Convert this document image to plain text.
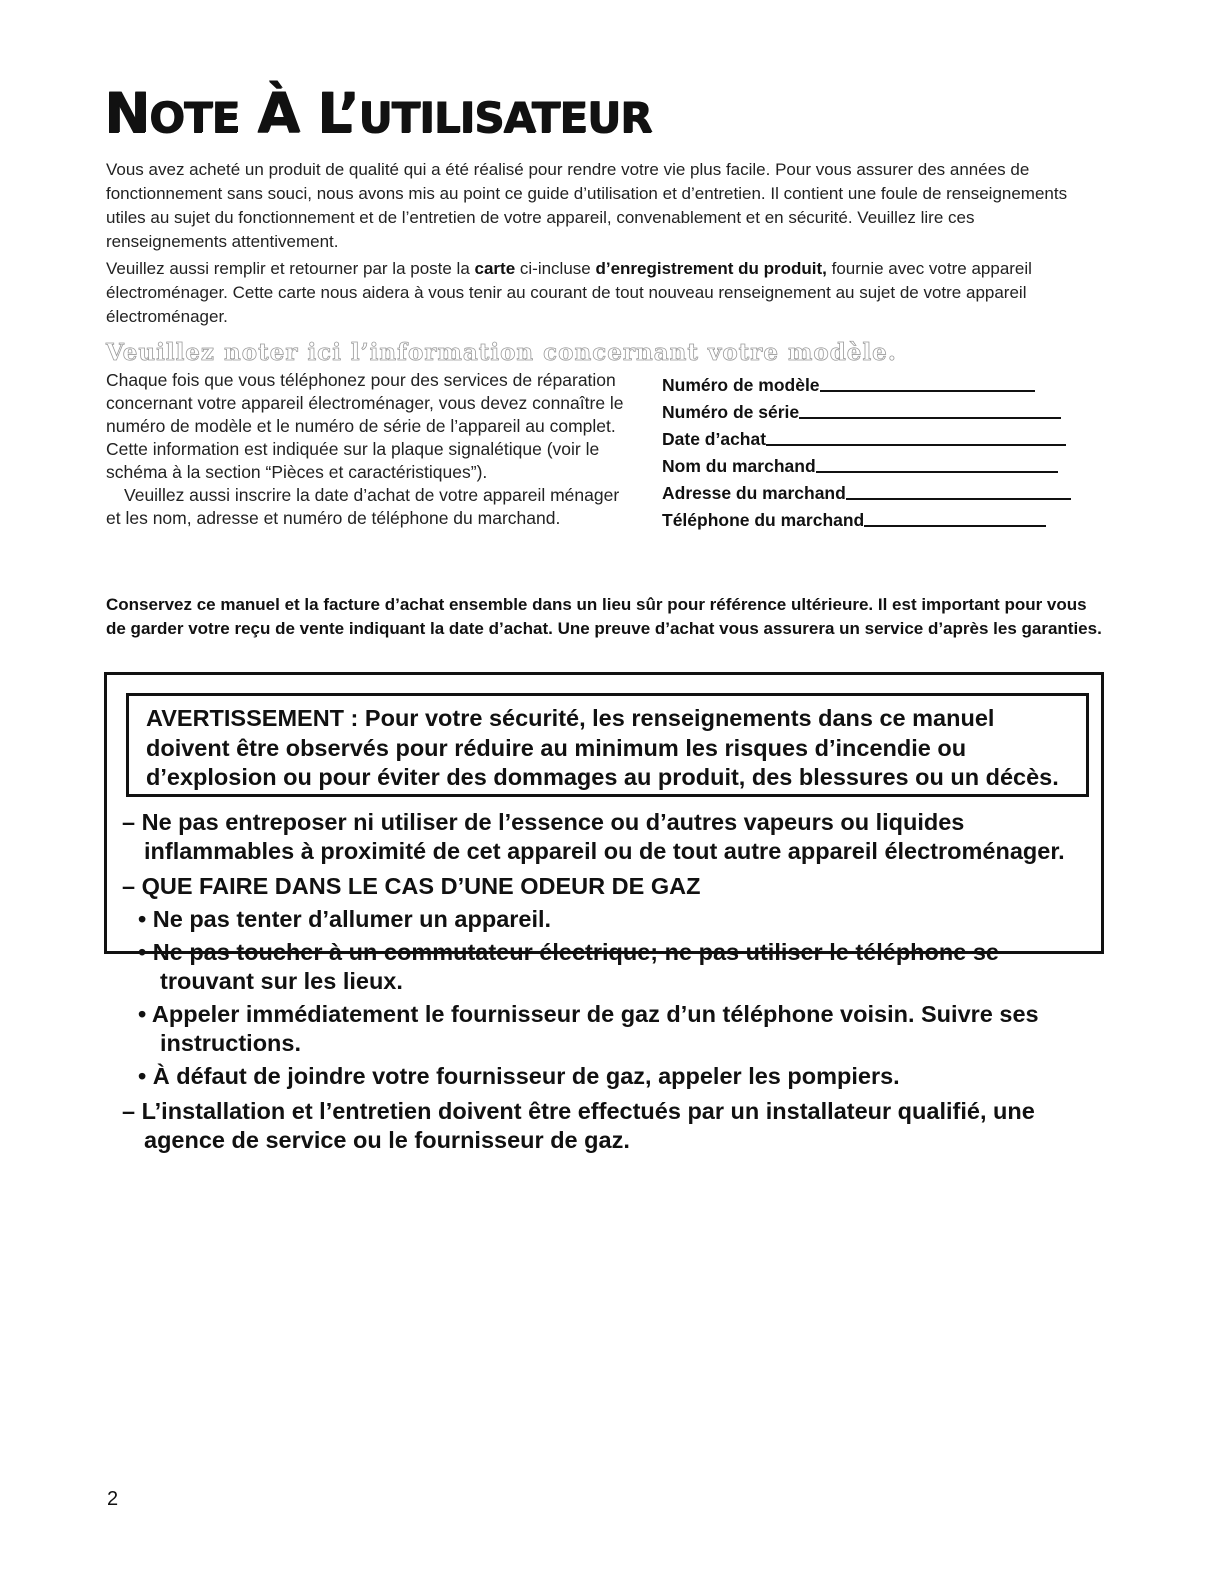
NOTE À L’UTILISATEUR

Vous avez acheté un produit de qualité qui a été réalisé pour rendre votre vie plus facile. Pour vous assurer des années de fonctionnement sans souci, nous avons mis au point ce guide d’utilisation et d’entretien. Il contient une foule de renseignements utiles au sujet du fonctionnement et de l’entretien de votre appareil, convenablement et en sécurité. Veuillez lire ces renseignements attentivement.

Veuillez aussi remplir et retourner par la poste la carte ci-incluse d’enregistrement du produit, fournie avec votre appareil électroménager. Cette carte nous aidera à vous tenir au courant de tout nouveau renseignement au sujet de votre appareil électroménager.

Veuillez noter ici l’information concernant votre modèle.

Chaque fois que vous téléphonez pour des services de réparation concernant votre appareil électroménager, vous devez connaître le numéro de modèle et le numéro de série de l’appareil au complet. Cette information est indiquée sur la plaque signalétique (voir le schéma à la section “Pièces et caractéristiques”).

Veuillez aussi inscrire la date d’achat de votre appareil ménager et les nom, adresse et numéro de téléphone du marchand.

Numéro de modèle
Numéro de série
Date d’achat
Nom du marchand
Adresse du marchand
Téléphone du marchand

Conservez ce manuel et la facture d’achat ensemble dans un lieu sûr pour référence ultérieure. Il est important pour vous de garder votre reçu de vente indiquant la date d’achat. Une preuve d’achat vous assurera un service d’après les garanties.

AVERTISSEMENT : Pour votre sécurité, les renseignements dans ce manuel

doivent être observés pour réduire au minimum les risques d’incendie ou

d’explosion ou pour éviter des dommages au produit, des blessures ou un décès.

– Ne pas entreposer ni utiliser de l’essence ou d’autres vapeurs ou liquides inflammables à proximité de cet appareil ou de tout autre appareil électroménager.

– QUE FAIRE DANS LE CAS D’UNE ODEUR DE GAZ

• Ne pas tenter d’allumer un appareil.

• Ne pas toucher à un commutateur électrique; ne pas utiliser le téléphone se trouvant sur les lieux.

• Appeler immédiatement le fournisseur de gaz d’un téléphone voisin. Suivre ses instructions.

• À défaut de joindre votre fournisseur de gaz, appeler les pompiers.

– L’installation et l’entretien doivent être effectués par un installateur qualifié, une agence de service ou le fournisseur de gaz.

2
